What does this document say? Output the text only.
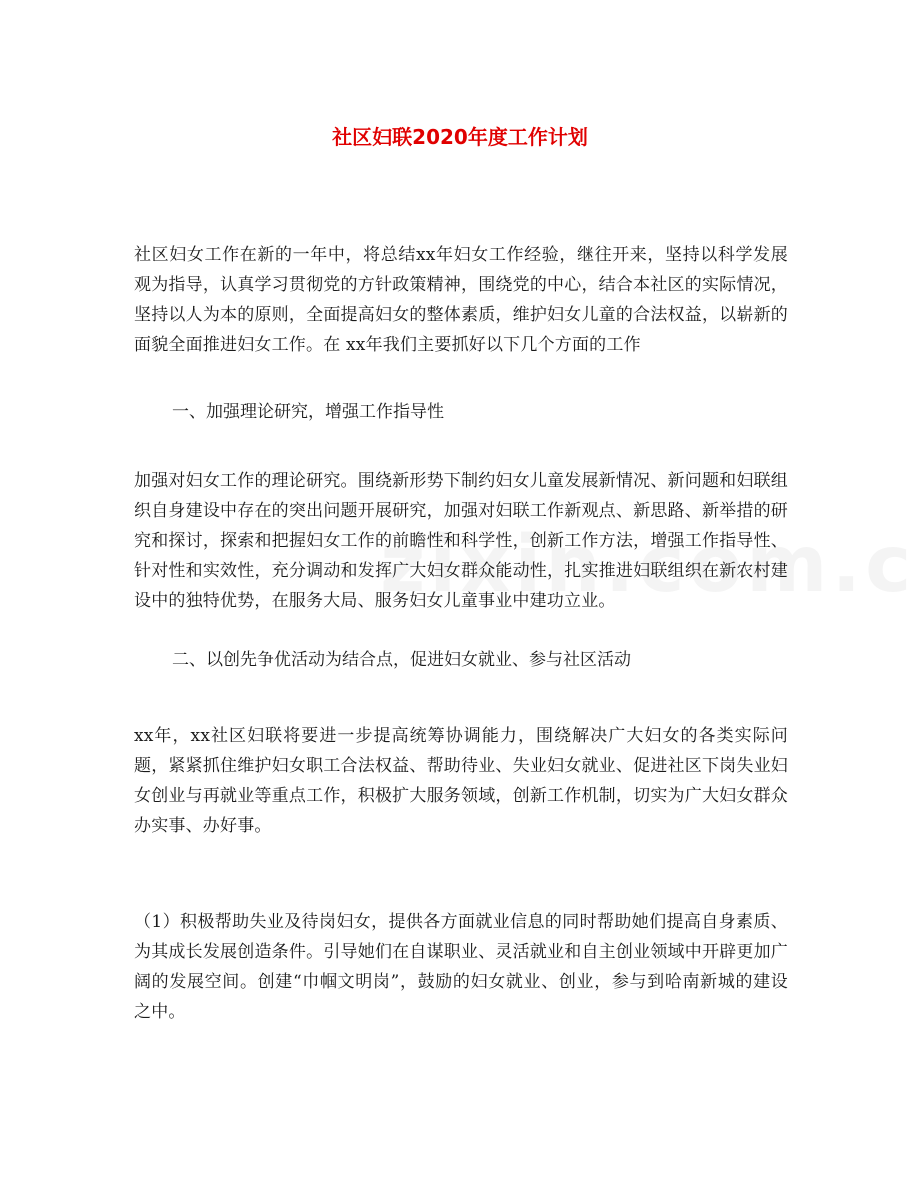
社区妇联2020年度工作计划

社区妇女工作在新的一年中，将总结xx年妇女工作经验，继往开来，坚持以科学发展观为指导，认真学习贯彻党的方针政策精神，围绕党的中心，结合本社区的实际情况，坚持以人为本的原则，全面提高妇女的整体素质，维护妇女儿童的合法权益，以崭新的面貌全面推进妇女工作。在 xx年我们主要抓好以下几个方面的工作

一、加强理论研究，增强工作指导性

加强对妇女工作的理论研究。围绕新形势下制约妇女儿童发展新情况、新问题和妇联组织自身建设中存在的突出问题开展研究，加强对妇联工作新观点、新思路、新举措的研究和探讨，探索和把握妇女工作的前瞻性和科学性，创新工作方法，增强工作指导性、针对性和实效性，充分调动和发挥广大妇女群众能动性，扎实推进妇联组织在新农村建设中的独特优势，在服务大局、服务妇女儿童事业中建功立业。

二、以创先争优活动为结合点，促进妇女就业、参与社区活动

xx年，xx社区妇联将要进一步提高统筹协调能力，围绕解决广大妇女的各类实际问题，紧紧抓住维护妇女职工合法权益、帮助待业、失业妇女就业、促进社区下岗失业妇女创业与再就业等重点工作，积极扩大服务领域，创新工作机制，切实为广大妇女群众办实事、办好事。

（1）积极帮助失业及待岗妇女，提供各方面就业信息的同时帮助她们提高自身素质、为其成长发展创造条件。引导她们在自谋职业、灵活就业和自主创业领域中开辟更加广阔的发展空间。创建“巾帼文明岗”，鼓励的妇女就业、创业，参与到哈南新城的建设之中。
